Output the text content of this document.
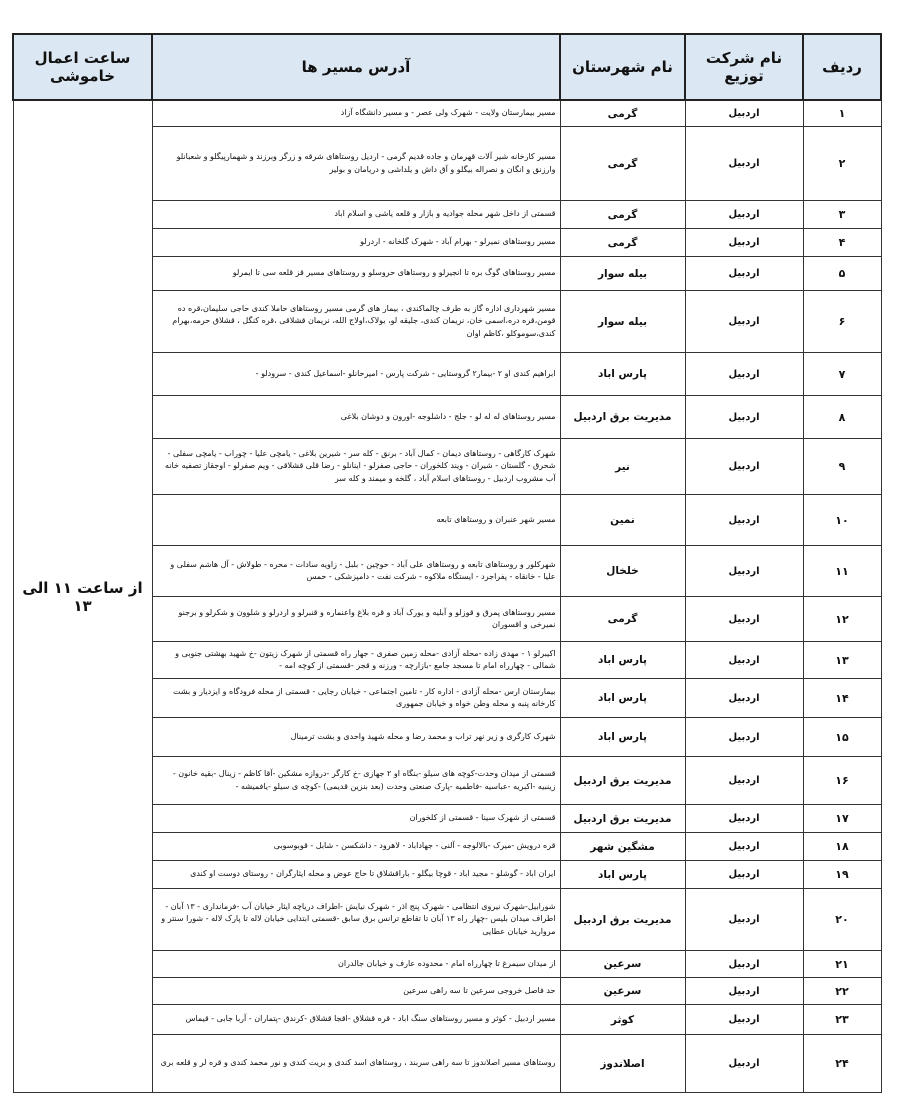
ردیف	نام شرکت توزیع	نام شهرستان	آدرس مسیر ها	ساعت اعمال خاموشی
۱	اردبیل	گرمی	مسیر بیمارستان ولایت - شهرک ولی عصر - و مسیر دانشگاه آزاد	از ساعت ۱۱ الی ۱۳
۲	اردبیل	گرمی	مسیر کارخانه شیر آلات قهرمان و جاده قدیم گرمی - اردیل روستاهای شرقه و زرگر وبرزند و شهمارپیگلو و شعبانلو وارزنق و انگان و نصراله بیگلو و آق داش و یلداشی و دریامان و بولیر	
۳	اردبیل	گرمی	قسمتی از داخل شهر محله جوادیه و بازار و قلعه یاشی و اسلام اباد	
۴	اردبیل	گرمی	مسیر روستاهای نمیرلو - بهرام آباد - شهرک گلخانه - اردرلو	
۵	اردبیل	بیله سوار	مسیر روستاهای گوگ بره تا انجیرلو و روستاهای حروسلو و روستاهای مسیر قز قلعه سی تا ایمرلو	
۶	اردبیل	بیله سوار	مسیر شهرداری اداره گاز به طرف چالماکندی ، بیمار های گرمی مسیر روستاهای حاملا کندی حاجی سلیمان،قره ده قومن،قره دره،اسمی خان، نریمان کندی، جلیقه لو، بولاک،اولاج الله، نریمان قشلاقی ،قره کنگل ، قشلاق حرمه،بهرام کندی،سوموکلو ،کاظم اوان	
۷	اردبیل	پارس اباد	ابراهیم کندی او ۲ -بیمار۲ گروستایی - شرکت پارس - امیرحانلو -اسماعیل کندی - سرودلو -	
۸	اردبیل	مدیریت برق اردبیل	مسیر روستاهای له له لو - جلج - داشلوجه -اورون و دوشان بلاغی	
۹	اردبیل	نیر	شهرک کارگاهی - روستاهای دیمان - کمال آباد - برنق - کله سر - شیرین بلاغی - یامچی علیا - چوراب - یامچی سفلی - شحرق - گلستان - شیران - ویند کلخوران - حاجی صفرلو - اینانلو - رضا قلی قشلاقی - ویم صفرلو - اوجقاز تصفیه خانه آب مشروب اردبیل - روستاهای اسلام آباد ، گلخه و میمند و کله سر	
۱۰	اردبیل	نمین	مسیر شهر عنبران و روستاهای تابعه	
۱۱	اردبیل	خلخال	شهرکلور و روستاهای تابعه و روستاهای علی آباد - حوچین - بلبل - زاویه سادات - محره - طولاش - آل هاشم سفلی و علیا - خانقاه - پفراجرد - ایستگاه ملاکوه - شرکت نفت - دامپزشکی - حمس	
۱۲	اردبیل	گرمی	مسیر روستاهای پمرق و قوزلو و آبلیه و یورک آباد و قره بلاغ واعنماره و قنبرلو و اردرلو و شلوون و شکرلو و برجنو نمیرخی و اقسوران	
۱۳	اردبیل	پارس اباد	اکیبرلو ۱ - مهدی زاده -محله آزادی -محله زمین صفری - جهار راه قسمتی از شهرک زیتون -خ شهید بهشتی جنوبی و شمالی - چهارراه امام تا مسجد جامع -بازارچه - ورزنه و قجر -قسمتی از کوچه امه -	
۱۴	اردبیل	پارس اباد	بیمارستان ارس -محله آزادی - اداره کار - تامین اجتماعی - خیابان رجایی - قسمتی از محله فرودگاه و ایزدیار و بشت کارخانه پنبه و محله وطن خواه و خیابان جمهوری	
۱۵	اردبیل	پارس اباد	شهرک کارگری و زیر نهر تراب و محمد رضا و محله شهید واحدی و بشت ترمینال	
۱۶	اردبیل	مدیریت برق اردبیل	قسمتی از میدان وحدت-کوچه های سیلو -بنگاه او ۲ جهازی -خ کارگر -دروازه مشکین -آقا کاظم - زینال -بقیه خانون - زینبیه -اکبریه -عباسیه -فاطمیه -پارک صنعتی وحدت (بعد بنزین قدیمی) -کوچه ی سیلو -یافمیشه -	
۱۷	اردبیل	مدیریت برق اردبیل	قسمتی از شهرک سینا - قسمتی از کلخوران	
۱۸	اردبیل	مشگین شهر	قره درویش -میرک -بالالوجه - آلنی - جهاداباد - لاهرود - داشکسن - شابل - قوبوسوبی	
۱۹	اردبیل	پارس اباد	ایران اباد - گوشلو - مجید اباد - قوچا بیگلو - باراقشلاق تا حاج عوض و محله ایثارگران - روستای دوست او کندی	
۲۰	اردبیل	مدیریت برق اردبیل	شورابیل-شهرک نیروی انتظامی - شهرک پنج اذر - شهرک نیایش -اطراف دریاچه ایثار خیابان آب -فرمانداری - ۱۳ آبان - اطراف میدان بلیس -چهار راه ۱۳ آبان تا تقاطع ترانس برق سابق -قسمتی ابتدایی خیابان لاله تا پارک لاله - شورا سنتر و مروارید خیابان عطایی	
۲۱	اردبیل	سرعین	از میدان سیمرغ تا چهارراه امام - محدوده عارف و خیابان جالدران	
۲۲	اردبیل	سرعین	حد فاصل خروجی سرعین تا سه راهی سرعین	
۲۳	اردبیل	کوثر	مسیر اردبیل - کوثر و مسیر روستاهای سنگ اباد - قره قشلاق -اقجا قشلاق -کرندق -پتماران - آربا جابی - قیماس	
۲۴	اردبیل	اصلاندوز	روستاهای مسیر اصلاندوز تا سه راهی سربند ، روستاهای اسد کندی و بریت کندی و نور محمد کندی و قره لر و قلعه بری	
